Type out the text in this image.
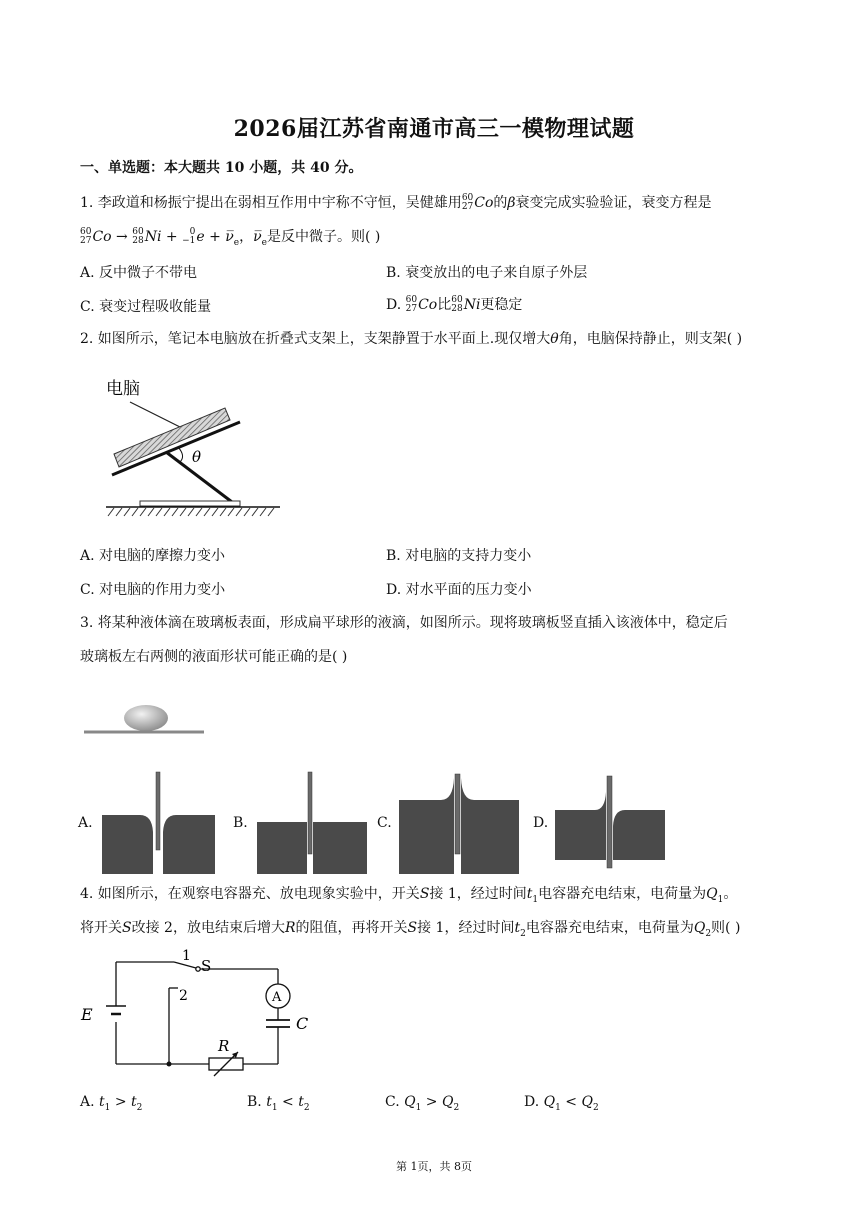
2026届江苏省南通市高三一模物理试题
一、单选题：本大题共 10 小题，共 40 分。
1. 李政道和杨振宁提出在弱相互作用中宇称不守恒，吴健雄用60
27Co的β衰变完成实验验证，衰变方程是
60
27Co → 60
28Ni + 0
$-1e + \nu̅_e$，$\nu̅_e$是反中微子。则( )
A. 反中微子不带电	B. 衰变放出的电子来自原子外层
C. 衰变过程吸收能量	D. 60
27Co比60
28Ni更稳定
2. 如图所示，笔记本电脑放在折叠式支架上，支架静置于水平面上.现仅增大θ角，电脑保持静止，则支架( )
电脑
θ
A. 对电脑的摩擦力变小	B. 对电脑的支持力变小
C. 对电脑的作用力变小	D. 对水平面的压力变小
3. 将某种液体滴在玻璃板表面，形成扁平球形的液滴，如图所示。现将玻璃板竖直插入该液体中，稳定后
玻璃板左右两侧的液面形状可能正确的是( )
A.	B.	C.	D.
4. 如图所示，在观察电容器充、放电现象实验中，开关S接 1，经过时间$t_1$电容器充电结束，电荷量为$Q_1$。
将开关S改接 2，放电结束后增大R的阻值，再将开关S接 1，经过时间$t_2$电容器充电结束，电荷量为$Q_2$则( )
E
1
S
2	A
C
R
A. $t_1 > t_2$	B. $t_1 < t_2$	C. $Q_1 > Q_2$	D. $Q_1 < Q_2$
第 1页，共 8页
